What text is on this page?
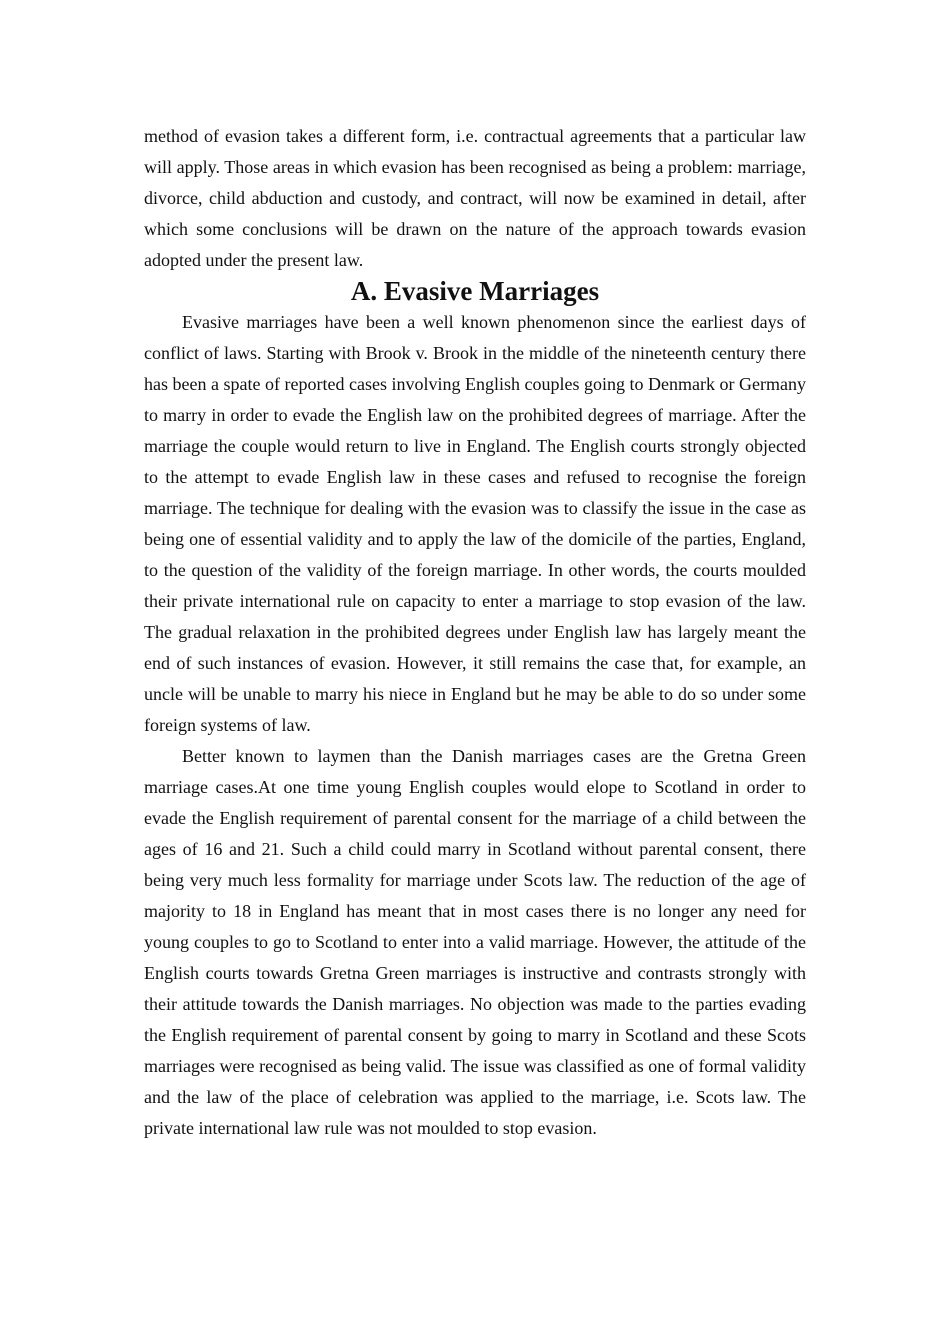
method of evasion takes a different form, i.e. contractual agreements that a particular law will apply. Those areas in which evasion has been recognised as being a problem: marriage, divorce, child abduction and custody, and contract, will now be examined in detail, after which some conclusions will be drawn on the nature of the approach towards evasion adopted under the present law.

A. Evasive Marriages

Evasive marriages have been a well known phenomenon since the earliest days of conflict of laws. Starting with Brook v. Brook in the middle of the nineteenth century there has been a spate of reported cases involving English couples going to Denmark or Germany to marry in order to evade the English law on the prohibited degrees of marriage. After the marriage the couple would return to live in England. The English courts strongly objected to the attempt to evade English law in these cases and refused to recognise the foreign marriage. The technique for dealing with the evasion was to classify the issue in the case as being one of essential validity and to apply the law of the domicile of the parties, England, to the question of the validity of the foreign marriage. In other words, the courts moulded their private international rule on capacity to enter a marriage to stop evasion of the law. The gradual relaxation in the prohibited degrees under English law has largely meant the end of such instances of evasion. However, it still remains the case that, for example, an uncle will be unable to marry his niece in England but he may be able to do so under some foreign systems of law.

Better known to laymen than the Danish marriages cases are the Gretna Green marriage cases.At one time young English couples would elope to Scotland in order to evade the English requirement of parental consent for the marriage of a child between the ages of 16 and 21. Such a child could marry in Scotland without parental consent, there being very much less formality for marriage under Scots law. The reduction of the age of majority to 18 in England has meant that in most cases there is no longer any need for young couples to go to Scotland to enter into a valid marriage. However, the attitude of the English courts towards Gretna Green marriages is instructive and contrasts strongly with their attitude towards the Danish marriages. No objection was made to the parties evading the English requirement of parental consent by going to marry in Scotland and these Scots marriages were recognised as being valid. The issue was classified as one of formal validity and the law of the place of celebration was applied to the marriage, i.e. Scots law. The private international law rule was not moulded to stop evasion.
